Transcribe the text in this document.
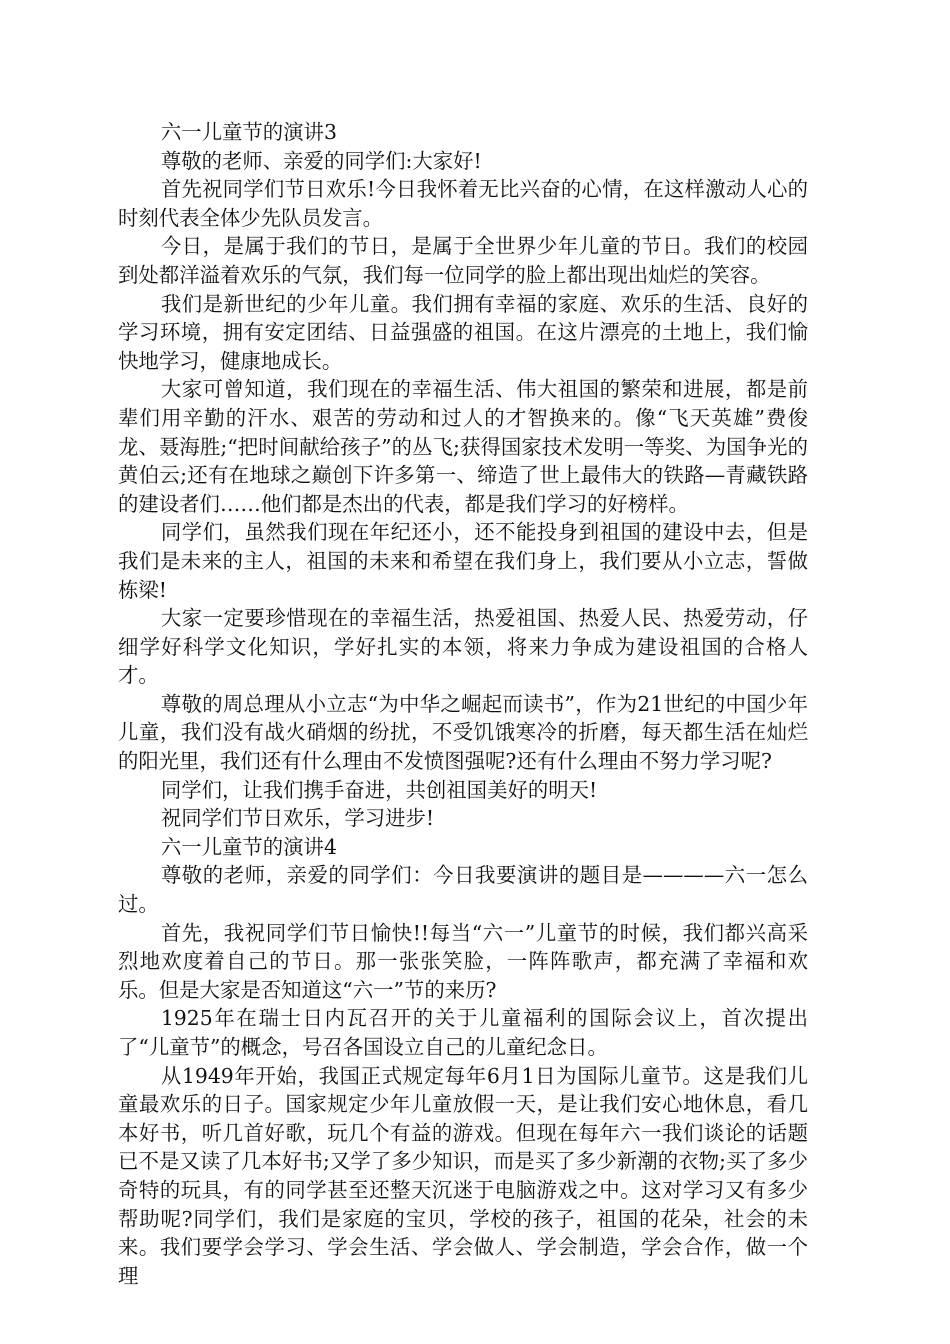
六一儿童节的演讲3

尊敬的老师、亲爱的同学们:大家好!

首先祝同学们节日欢乐!今日我怀着无比兴奋的心情，在这样激动人心的时刻代表全体少先队员发言。

今日，是属于我们的节日，是属于全世界少年儿童的节日。我们的校园到处都洋溢着欢乐的气氛，我们每一位同学的脸上都出现出灿烂的笑容。

我们是新世纪的少年儿童。我们拥有幸福的家庭、欢乐的生活、良好的学习环境，拥有安定团结、日益强盛的祖国。在这片漂亮的土地上，我们愉快地学习，健康地成长。

大家可曾知道，我们现在的幸福生活、伟大祖国的繁荣和进展，都是前辈们用辛勤的汗水、艰苦的劳动和过人的才智换来的。像“飞天英雄”费俊龙、聂海胜;“把时间献给孩子”的丛飞;获得国家技术发明一等奖、为国争光的黄伯云;还有在地球之巅创下许多第一、缔造了世上最伟大的铁路—青藏铁路的建设者们……他们都是杰出的代表，都是我们学习的好榜样。

同学们，虽然我们现在年纪还小，还不能投身到祖国的建设中去，但是我们是未来的主人，祖国的未来和希望在我们身上，我们要从小立志，誓做栋梁!

大家一定要珍惜现在的幸福生活，热爱祖国、热爱人民、热爱劳动，仔细学好科学文化知识，学好扎实的本领，将来力争成为建设祖国的合格人才。

尊敬的周总理从小立志“为中华之崛起而读书”，作为21世纪的中国少年儿童，我们没有战火硝烟的纷扰，不受饥饿寒冷的折磨，每天都生活在灿烂的阳光里，我们还有什么理由不发愤图强呢?还有什么理由不努力学习呢?

同学们，让我们携手奋进，共创祖国美好的明天!

祝同学们节日欢乐，学习进步!

六一儿童节的演讲4

尊敬的老师，亲爱的同学们：今日我要演讲的题目是————六一怎么过。

首先，我祝同学们节日愉快!!每当“六一”儿童节的时候，我们都兴高采烈地欢度着自己的节日。那一张张笑脸，一阵阵歌声，都充满了幸福和欢乐。但是大家是否知道这“六一”节的来历?

1925年在瑞士日内瓦召开的关于儿童福利的国际会议上，首次提出了“儿童节”的概念，号召各国设立自己的儿童纪念日。

从1949年开始，我国正式规定每年6月1日为国际儿童节。这是我们儿童最欢乐的日子。国家规定少年儿童放假一天，是让我们安心地休息，看几本好书，听几首好歌，玩几个有益的游戏。但现在每年六一我们谈论的话题已不是又读了几本好书;又学了多少知识，而是买了多少新潮的衣物;买了多少奇特的玩具，有的同学甚至还整天沉迷于电脑游戏之中。这对学习又有多少帮助呢?同学们，我们是家庭的宝贝，学校的孩子，祖国的花朵，社会的未来。我们要学会学习、学会生活、学会做人、学会制造，学会合作，做一个理
